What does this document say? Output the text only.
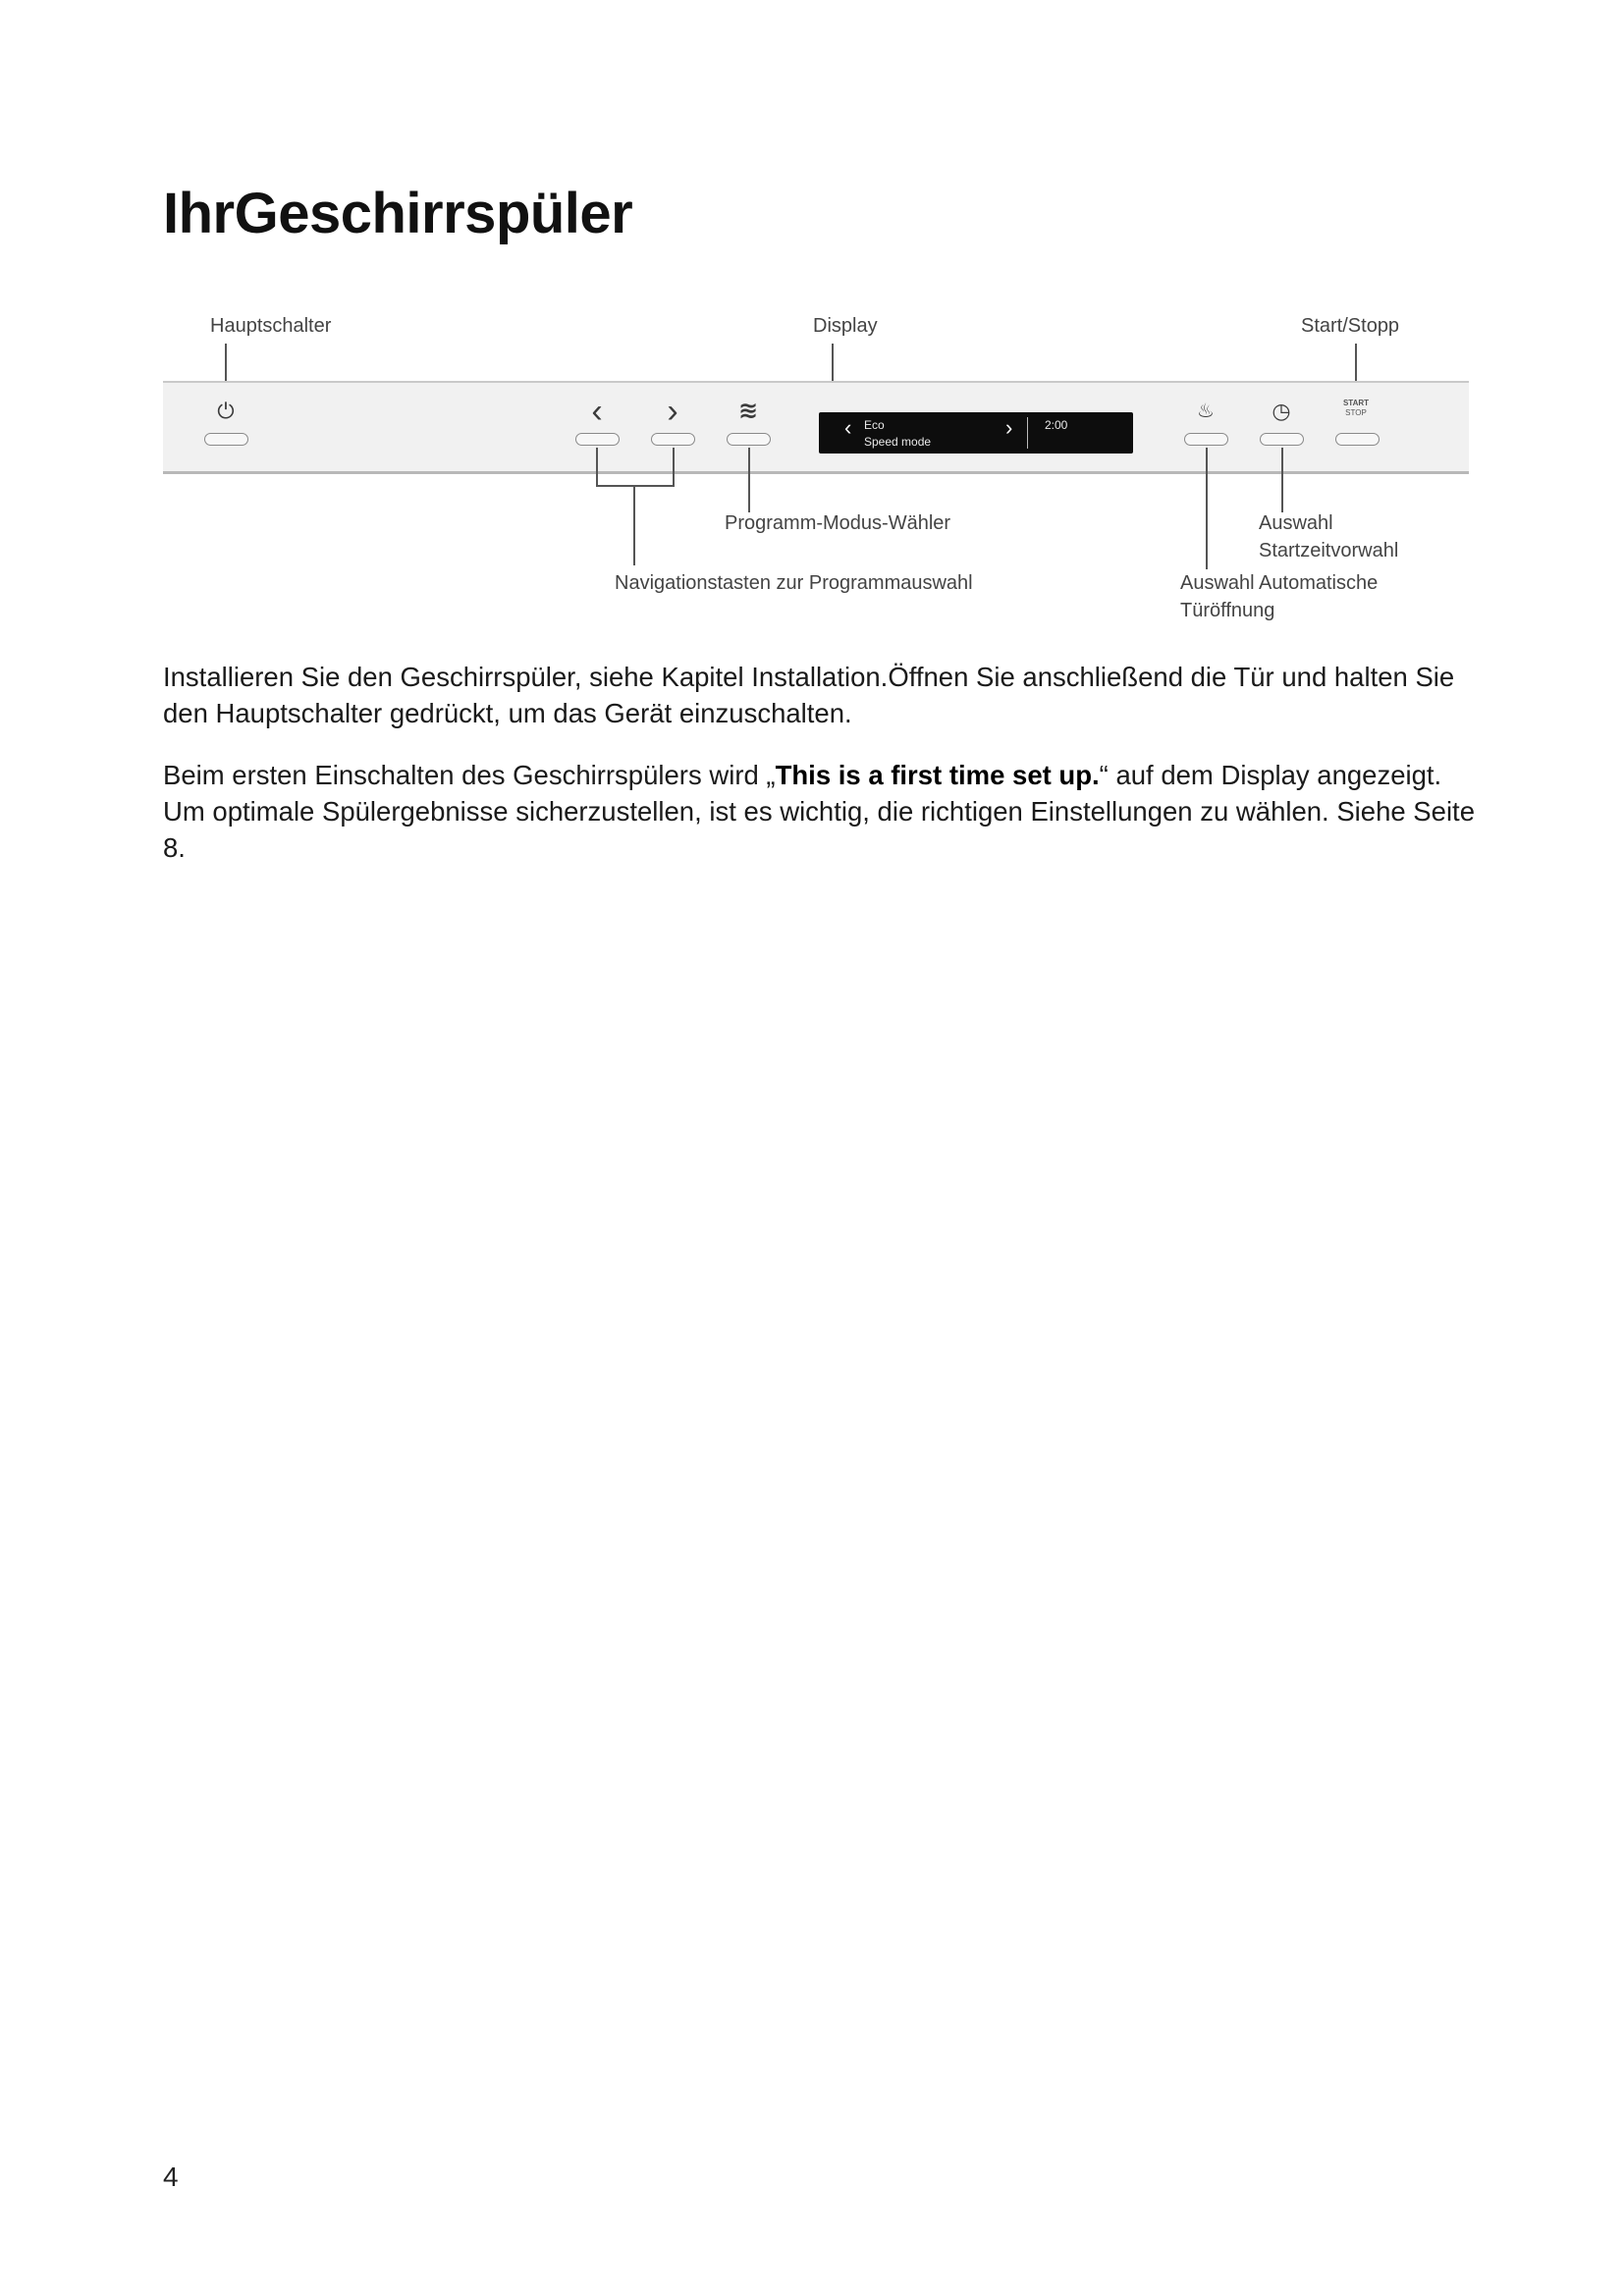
IhrGeschirrspüler
Hauptschalter	Display	Start/Stopp
⏻	‹	›	≋	♨	◷	START
STOP
‹ Eco
Speed mode
›	2:00
Programm-Modus-Wähler
Navigationstasten zur Programmauswahl
Auswahl
Startzeitvorwahl
Auswahl Automatische
Türöffnung

Installieren Sie den Geschirrspüler, siehe Kapitel Installation.Öffnen Sie anschließend die Tür und halten Sie den Hauptschalter gedrückt, um das Gerät einzuschalten.

Beim ersten Einschalten des Geschirrspülers wird „This is a first time set up.“ auf dem Display angezeigt. Um optimale Spülergebnisse sicherzustellen, ist es wichtig, die richtigen Einstellungen zu wählen. Siehe Seite 8.

4
